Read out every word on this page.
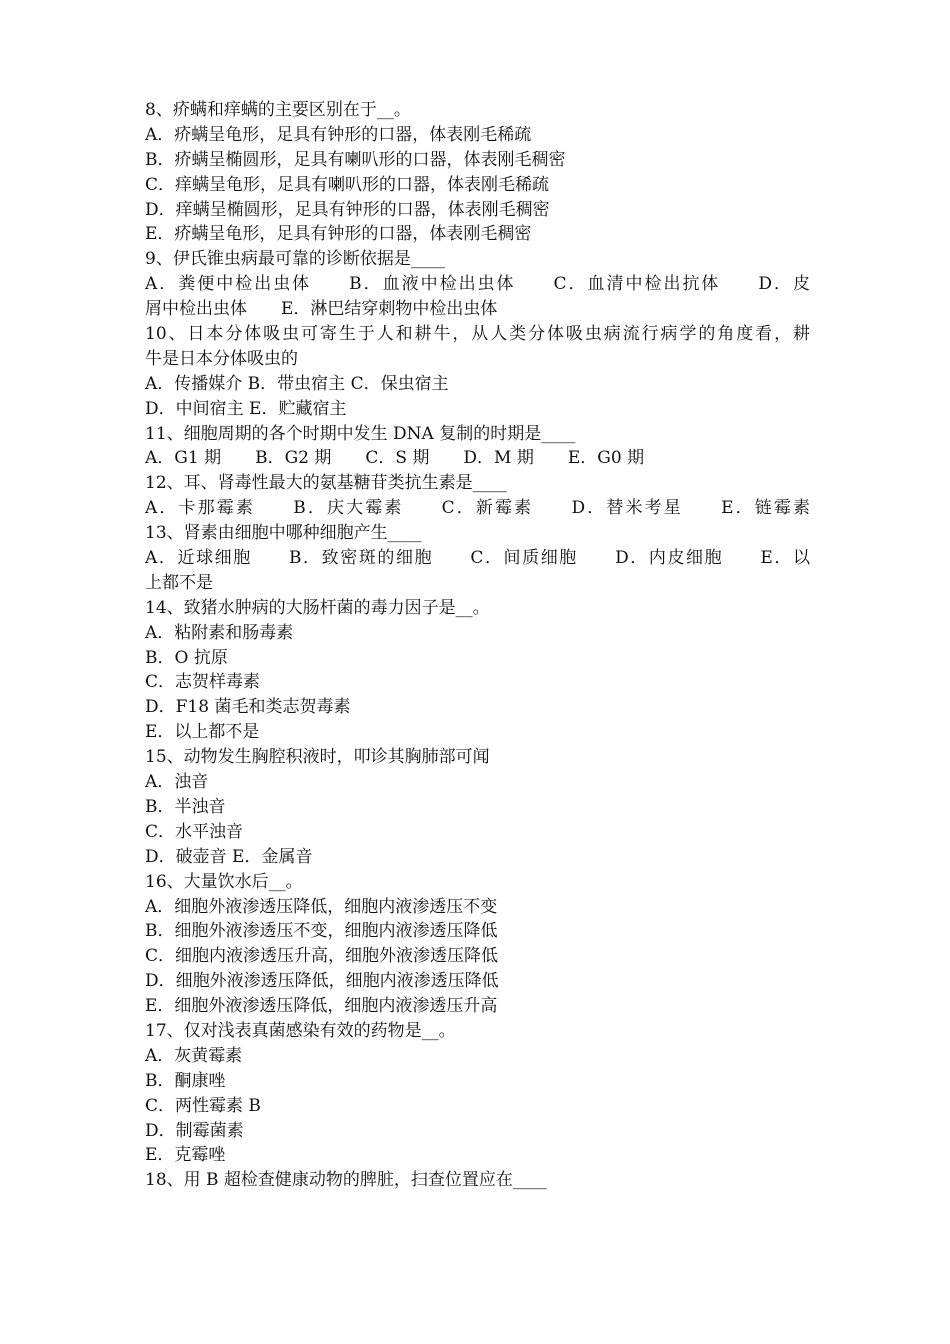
8、疥螨和痒螨的主要区别在于__。
A．疥螨呈龟形，足具有钟形的口器，体表刚毛稀疏
B．疥螨呈椭圆形，足具有喇叭形的口器，体表刚毛稠密
C．痒螨呈龟形，足具有喇叭形的口器，体表刚毛稀疏
D．痒螨呈椭圆形，足具有钟形的口器，体表刚毛稠密
E．疥螨呈龟形，足具有钟形的口器，体表刚毛稠密
9、伊氏锥虫病最可靠的诊断依据是____
A．粪便中检出虫体　　B．血液中检出虫体　　C．血清中检出抗体　　D．皮
屑中检出虫体　　E．淋巴结穿刺物中检出虫体
10、日本分体吸虫可寄生于人和耕牛，从人类分体吸虫病流行病学的角度看，耕
牛是日本分体吸虫的
A．传播媒介 B．带虫宿主 C．保虫宿主
D．中间宿主 E．贮藏宿主
11、细胞周期的各个时期中发生 DNA 复制的时期是____
A．G1 期　　B．G2 期　　C．S 期　　D．M 期　　E．G0 期
12、耳、肾毒性最大的氨基糖苷类抗生素是____
A．卡那霉素　　B．庆大霉素　　C．新霉素　　D．替米考星　　E．链霉素
13、肾素由细胞中哪种细胞产生____
A．近球细胞　　B．致密斑的细胞　　C．间质细胞　　D．内皮细胞　　E．以
上都不是
14、致猪水肿病的大肠杆菌的毒力因子是__。
A．粘附素和肠毒素
B．O 抗原
C．志贺样毒素
D．F18 菌毛和类志贺毒素
E．以上都不是
15、动物发生胸腔积液时，叩诊其胸肺部可闻
A．浊音
B．半浊音
C．水平浊音
D．破壶音 E．金属音
16、大量饮水后__。
A．细胞外液渗透压降低，细胞内液渗透压不变
B．细胞外液渗透压不变，细胞内液渗透压降低
C．细胞内液渗透压升高，细胞外液渗透压降低
D．细胞外液渗透压降低，细胞内液渗透压降低
E．细胞外液渗透压降低，细胞内液渗透压升高
17、仅对浅表真菌感染有效的药物是__。
A．灰黄霉素
B．酮康唑
C．两性霉素 B
D．制霉菌素
E．克霉唑
18、用 B 超检查健康动物的脾脏，扫查位置应在____
